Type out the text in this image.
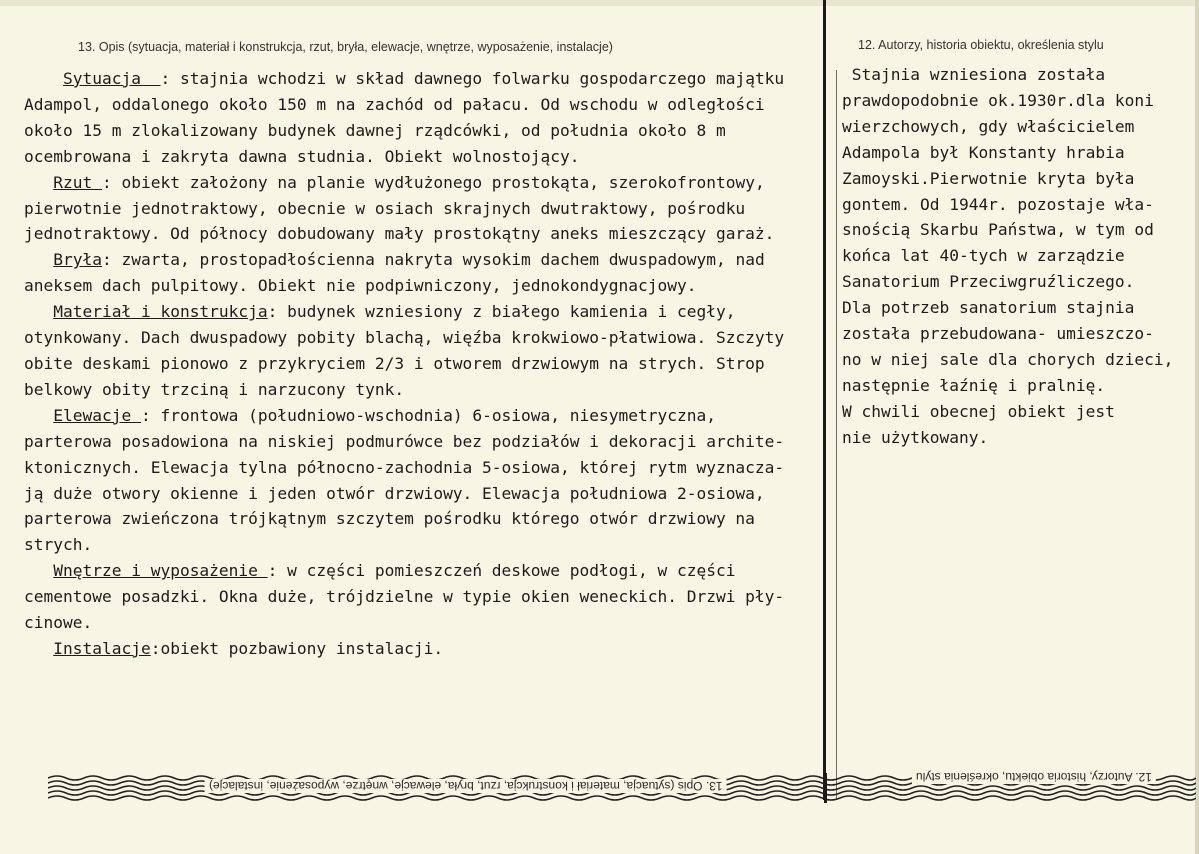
13. Opis (sytuacja, materiał i konstrukcja, rzut, bryła, elewacje, wnętrze, wyposażenie, instalacje)	12. Autorzy, historia obiektu, określenia stylu
Sytuacja  : stajnia wchodzi w skład dawnego folwarku gospodarczego majątku
Adampol, oddalonego około 150 m na zachód od pałacu. Od wschodu w odległości
około 15 m zlokalizowany budynek dawnej rządcówki, od południa około 8 m
ocembrowana i zakryta dawna studnia. Obiekt wolnostojący.
Rzut : obiekt założony na planie wydłużonego prostokąta, szerokofrontowy,
pierwotnie jednotraktowy, obecnie w osiach skrajnych dwutraktowy, pośrodku
jednotraktowy. Od północy dobudowany mały prostokątny aneks mieszczący garaż.
Bryła: zwarta, prostopadłościenna nakryta wysokim dachem dwuspadowym, nad
aneksem dach pulpitowy. Obiekt nie podpiwniczony, jednokondygnacjowy.
Materiał i konstrukcja: budynek wzniesiony z białego kamienia i cegły,
otynkowany. Dach dwuspadowy pobity blachą, więźba krokwiowo-płatwiowa. Szczyty
obite deskami pionowo z przykryciem 2/3 i otworem drzwiowym na strych. Strop
belkowy obity trzciną i narzucony tynk.
Elewacje : frontowa (południowo-wschodnia) 6-osiowa, niesymetryczna,
parterowa posadowiona na niskiej podmurówce bez podziałów i dekoracji archite-
ktonicznych. Elewacja tylna północno-zachodnia 5-osiowa, której rytm wyznacza-
ją duże otwory okienne i jeden otwór drzwiowy. Elewacja południowa 2-osiowa,
parterowa zwieńczona trójkątnym szczytem pośrodku którego otwór drzwiowy na
strych.
Wnętrze i wyposażenie : w części pomieszczeń deskowe podłogi, w części
cementowe posadzki. Okna duże, trójdzielne w typie okien weneckich. Drzwi pły-
cinowe.
Instalacje:obiekt pozbawiony instalacji.
Stajnia wzniesiona została
prawdopodobnie ok.1930r.dla koni
wierzchowych, gdy właścicielem
Adampola był Konstanty hrabia
Zamoyski.Pierwotnie kryta była
gontem. Od 1944r. pozostaje wła-
snością Skarbu Państwa, w tym od
końca lat 40-tych w zarządzie
Sanatorium Przeciwgruźliczego.
Dla potrzeb sanatorium stajnia
została przebudowana- umieszczo-
no w niej sale dla chorych dzieci,
następnie łaźnię i pralnię.
W chwili obecnej obiekt jest
nie użytkowany.
13. Opis (sytuacja, materiał i konstrukcja, rzut, bryła, elewacje, wnętrze, wyposażenie, instalacje)
12. Autorzy, historia obiektu, określenia stylu
